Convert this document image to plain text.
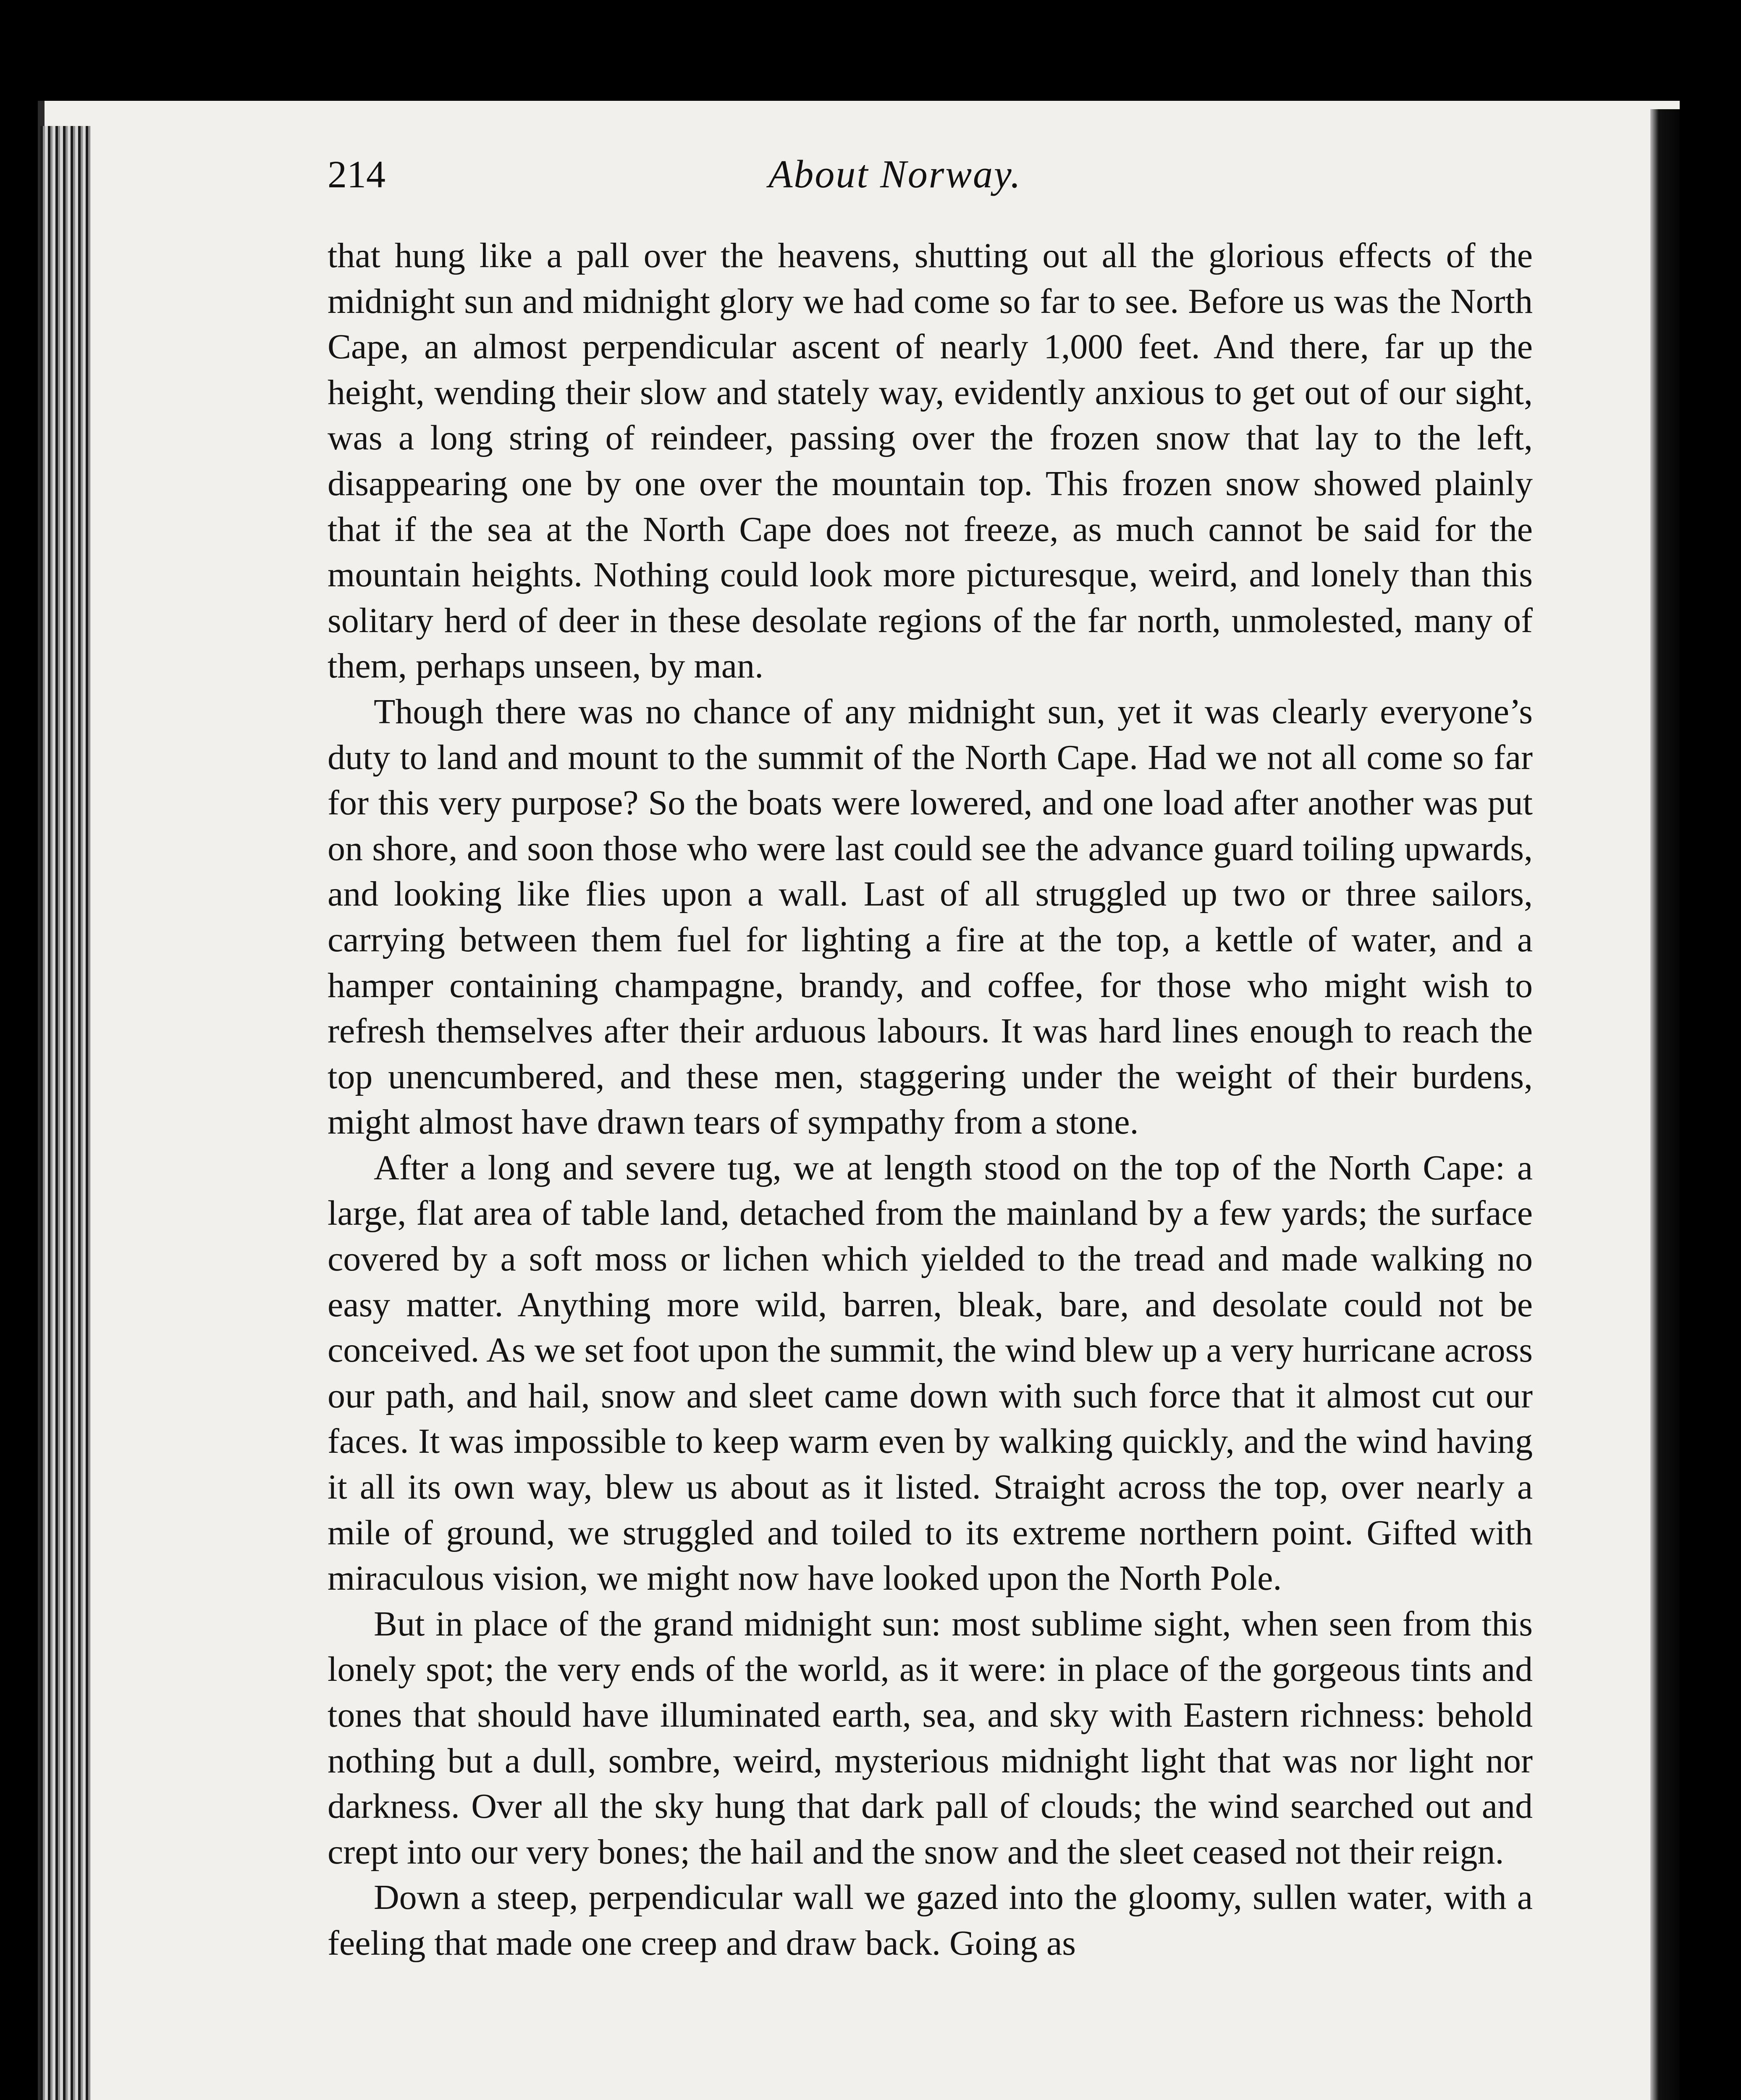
214	About Norway.

that hung like a pall over the heavens, shutting out all the glorious effects of the midnight sun and midnight glory we had come so far to see. Before us was the North Cape, an almost perpendicular ascent of nearly 1,000 feet. And there, far up the height, wending their slow and stately way, evidently anxious to get out of our sight, was a long string of reindeer, passing over the frozen snow that lay to the left, disappearing one by one over the mountain top. This frozen snow showed plainly that if the sea at the North Cape does not freeze, as much cannot be said for the mountain heights. Nothing could look more picturesque, weird, and lonely than this solitary herd of deer in these desolate regions of the far north, unmolested, many of them, perhaps unseen, by man.

Though there was no chance of any midnight sun, yet it was clearly everyone’s duty to land and mount to the summit of the North Cape. Had we not all come so far for this very purpose? So the boats were lowered, and one load after another was put on shore, and soon those who were last could see the advance guard toiling upwards, and looking like flies upon a wall. Last of all struggled up two or three sailors, carrying between them fuel for lighting a fire at the top, a kettle of water, and a hamper containing champagne, brandy, and coffee, for those who might wish to refresh themselves after their arduous labours. It was hard lines enough to reach the top unencumbered, and these men, staggering under the weight of their burdens, might almost have drawn tears of sympathy from a stone.

After a long and severe tug, we at length stood on the top of the North Cape: a large, flat area of table land, detached from the mainland by a few yards; the surface covered by a soft moss or lichen which yielded to the tread and made walking no easy matter. Anything more wild, barren, bleak, bare, and desolate could not be conceived. As we set foot upon the summit, the wind blew up a very hurricane across our path, and hail, snow and sleet came down with such force that it almost cut our faces. It was impossible to keep warm even by walking quickly, and the wind having it all its own way, blew us about as it listed. Straight across the top, over nearly a mile of ground, we struggled and toiled to its extreme northern point. Gifted with miraculous vision, we might now have looked upon the North Pole.

But in place of the grand midnight sun: most sublime sight, when seen from this lonely spot; the very ends of the world, as it were: in place of the gorgeous tints and tones that should have illuminated earth, sea, and sky with Eastern richness: behold nothing but a dull, sombre, weird, mysterious midnight light that was nor light nor darkness. Over all the sky hung that dark pall of clouds; the wind searched out and crept into our very bones; the hail and the snow and the sleet ceased not their reign.

Down a steep, perpendicular wall we gazed into the gloomy, sullen water, with a feeling that made one creep and draw back. Going as
